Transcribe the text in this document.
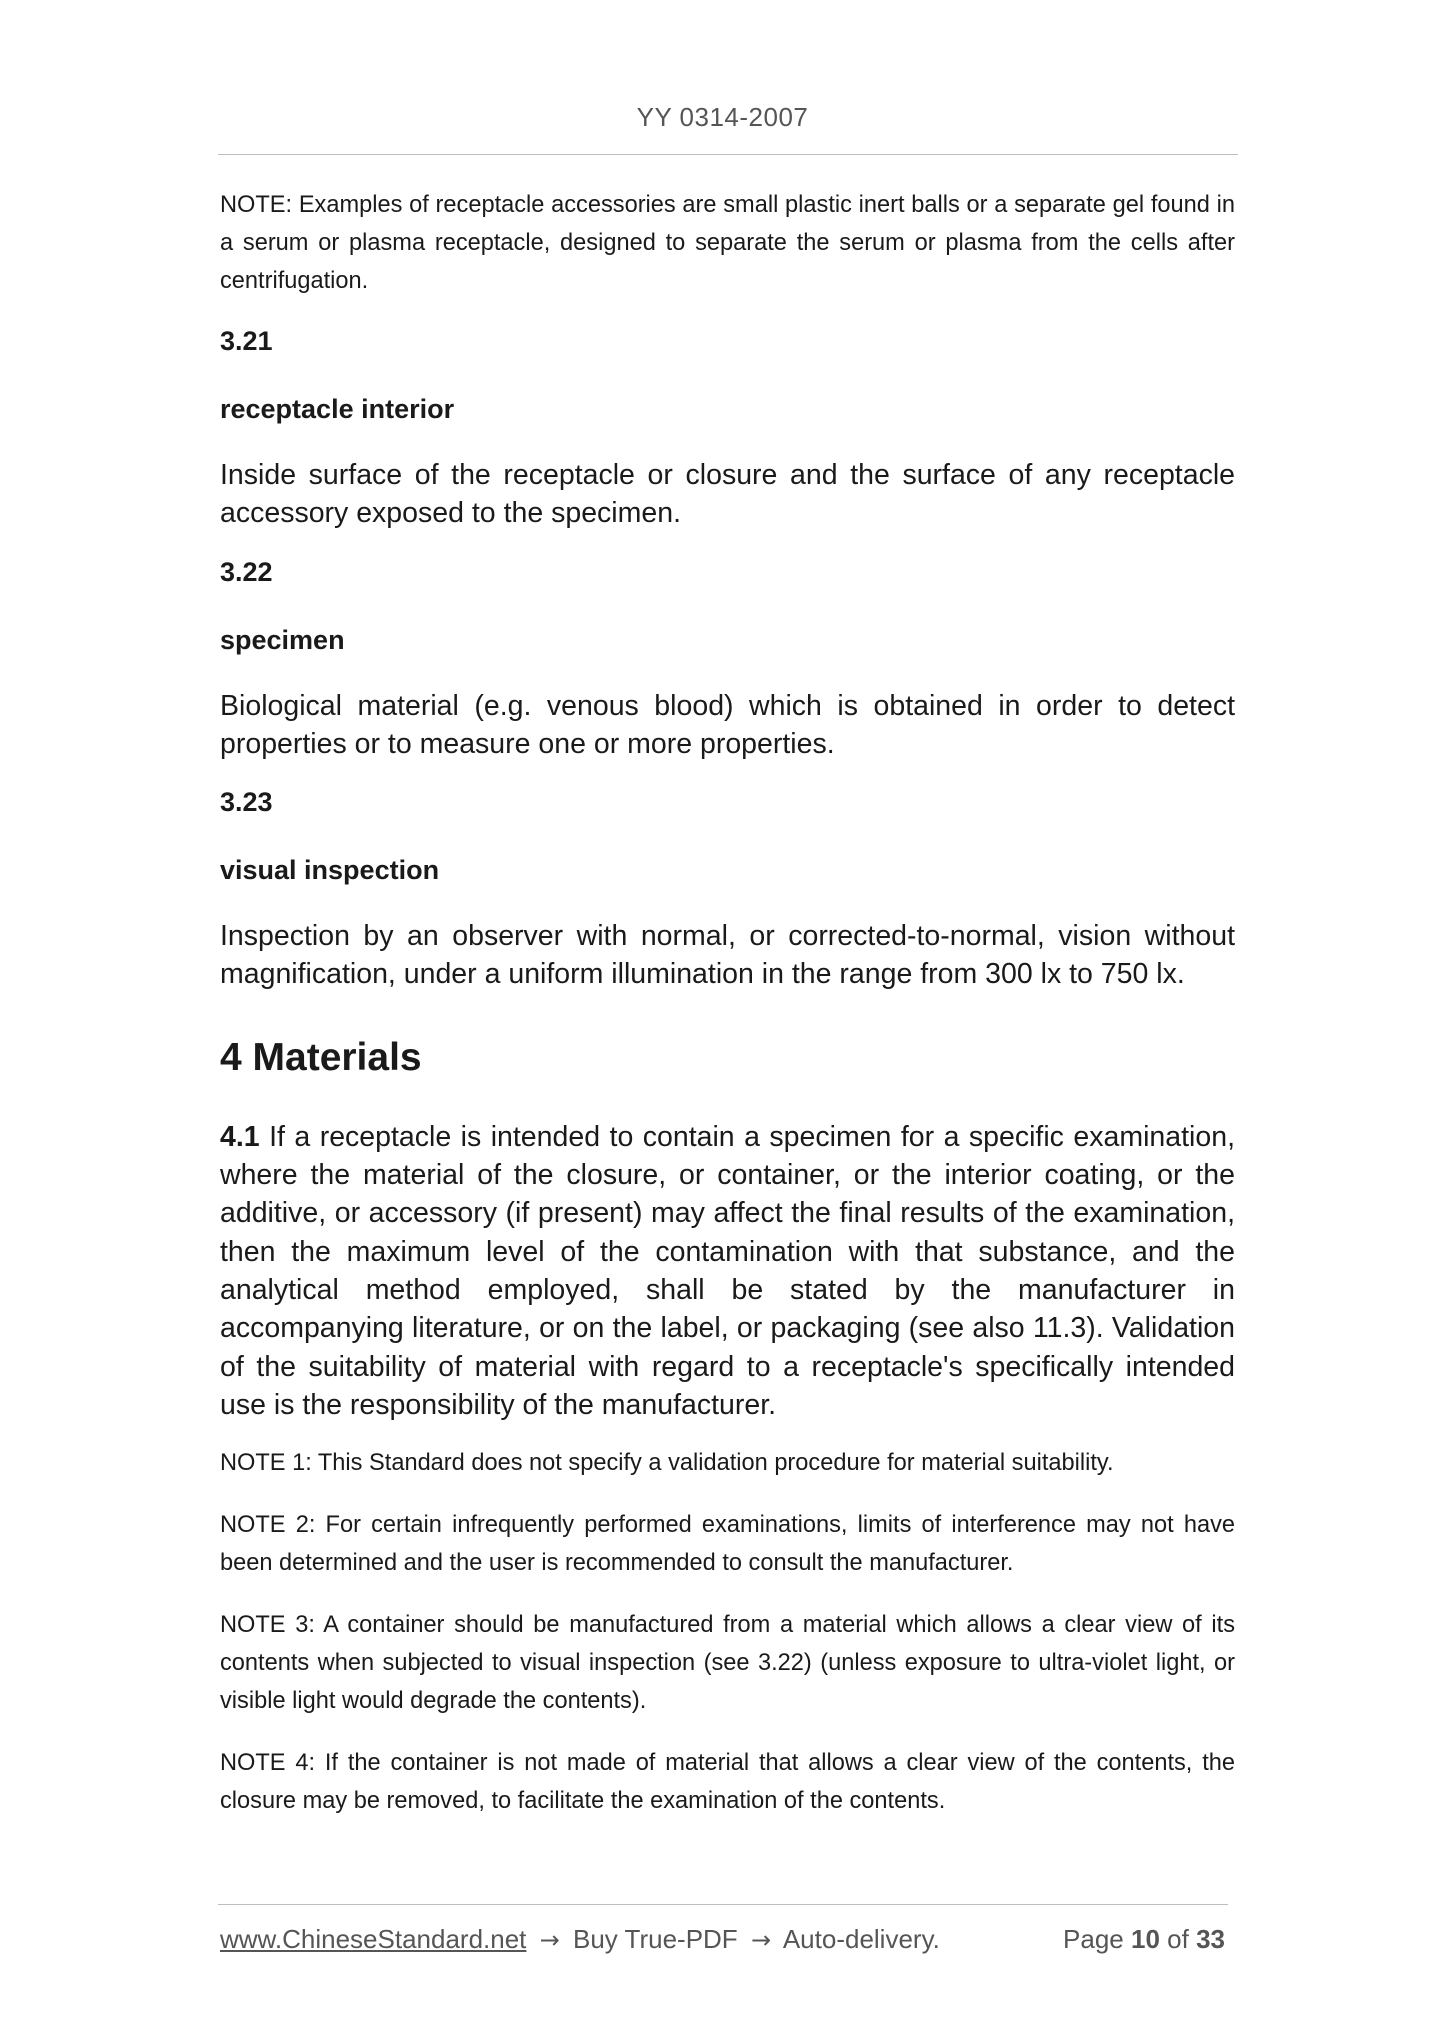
YY 0314-2007

NOTE: Examples of receptacle accessories are small plastic inert balls or a separate gel found in a serum or plasma receptacle, designed to separate the serum or plasma from the cells after centrifugation.

3.21

receptacle interior

Inside surface of the receptacle or closure and the surface of any receptacle accessory exposed to the specimen.

3.22

specimen

Biological material (e.g. venous blood) which is obtained in order to detect properties or to measure one or more properties.

3.23

visual inspection

Inspection by an observer with normal, or corrected-to-normal, vision without magnification, under a uniform illumination in the range from 300 lx to 750 lx.

4 Materials

4.1 If a receptacle is intended to contain a specimen for a specific examination, where the material of the closure, or container, or the interior coating, or the additive, or accessory (if present) may affect the final results of the examination, then the maximum level of the contamination with that substance, and the analytical method employed, shall be stated by the manufacturer in accompanying literature, or on the label, or packaging (see also 11.3). Validation of the suitability of material with regard to a receptacle's specifically intended use is the responsibility of the manufacturer.

NOTE 1: This Standard does not specify a validation procedure for material suitability.

NOTE 2: For certain infrequently performed examinations, limits of interference may not have been determined and the user is recommended to consult the manufacturer.

NOTE 3: A container should be manufactured from a material which allows a clear view of its contents when subjected to visual inspection (see 3.22) (unless exposure to ultra-violet light, or visible light would degrade the contents).

NOTE 4: If the container is not made of material that allows a clear view of the contents, the closure may be removed, to facilitate the examination of the contents.

www.ChineseStandard.net → Buy True-PDF → Auto-delivery.	Page 10 of 33
